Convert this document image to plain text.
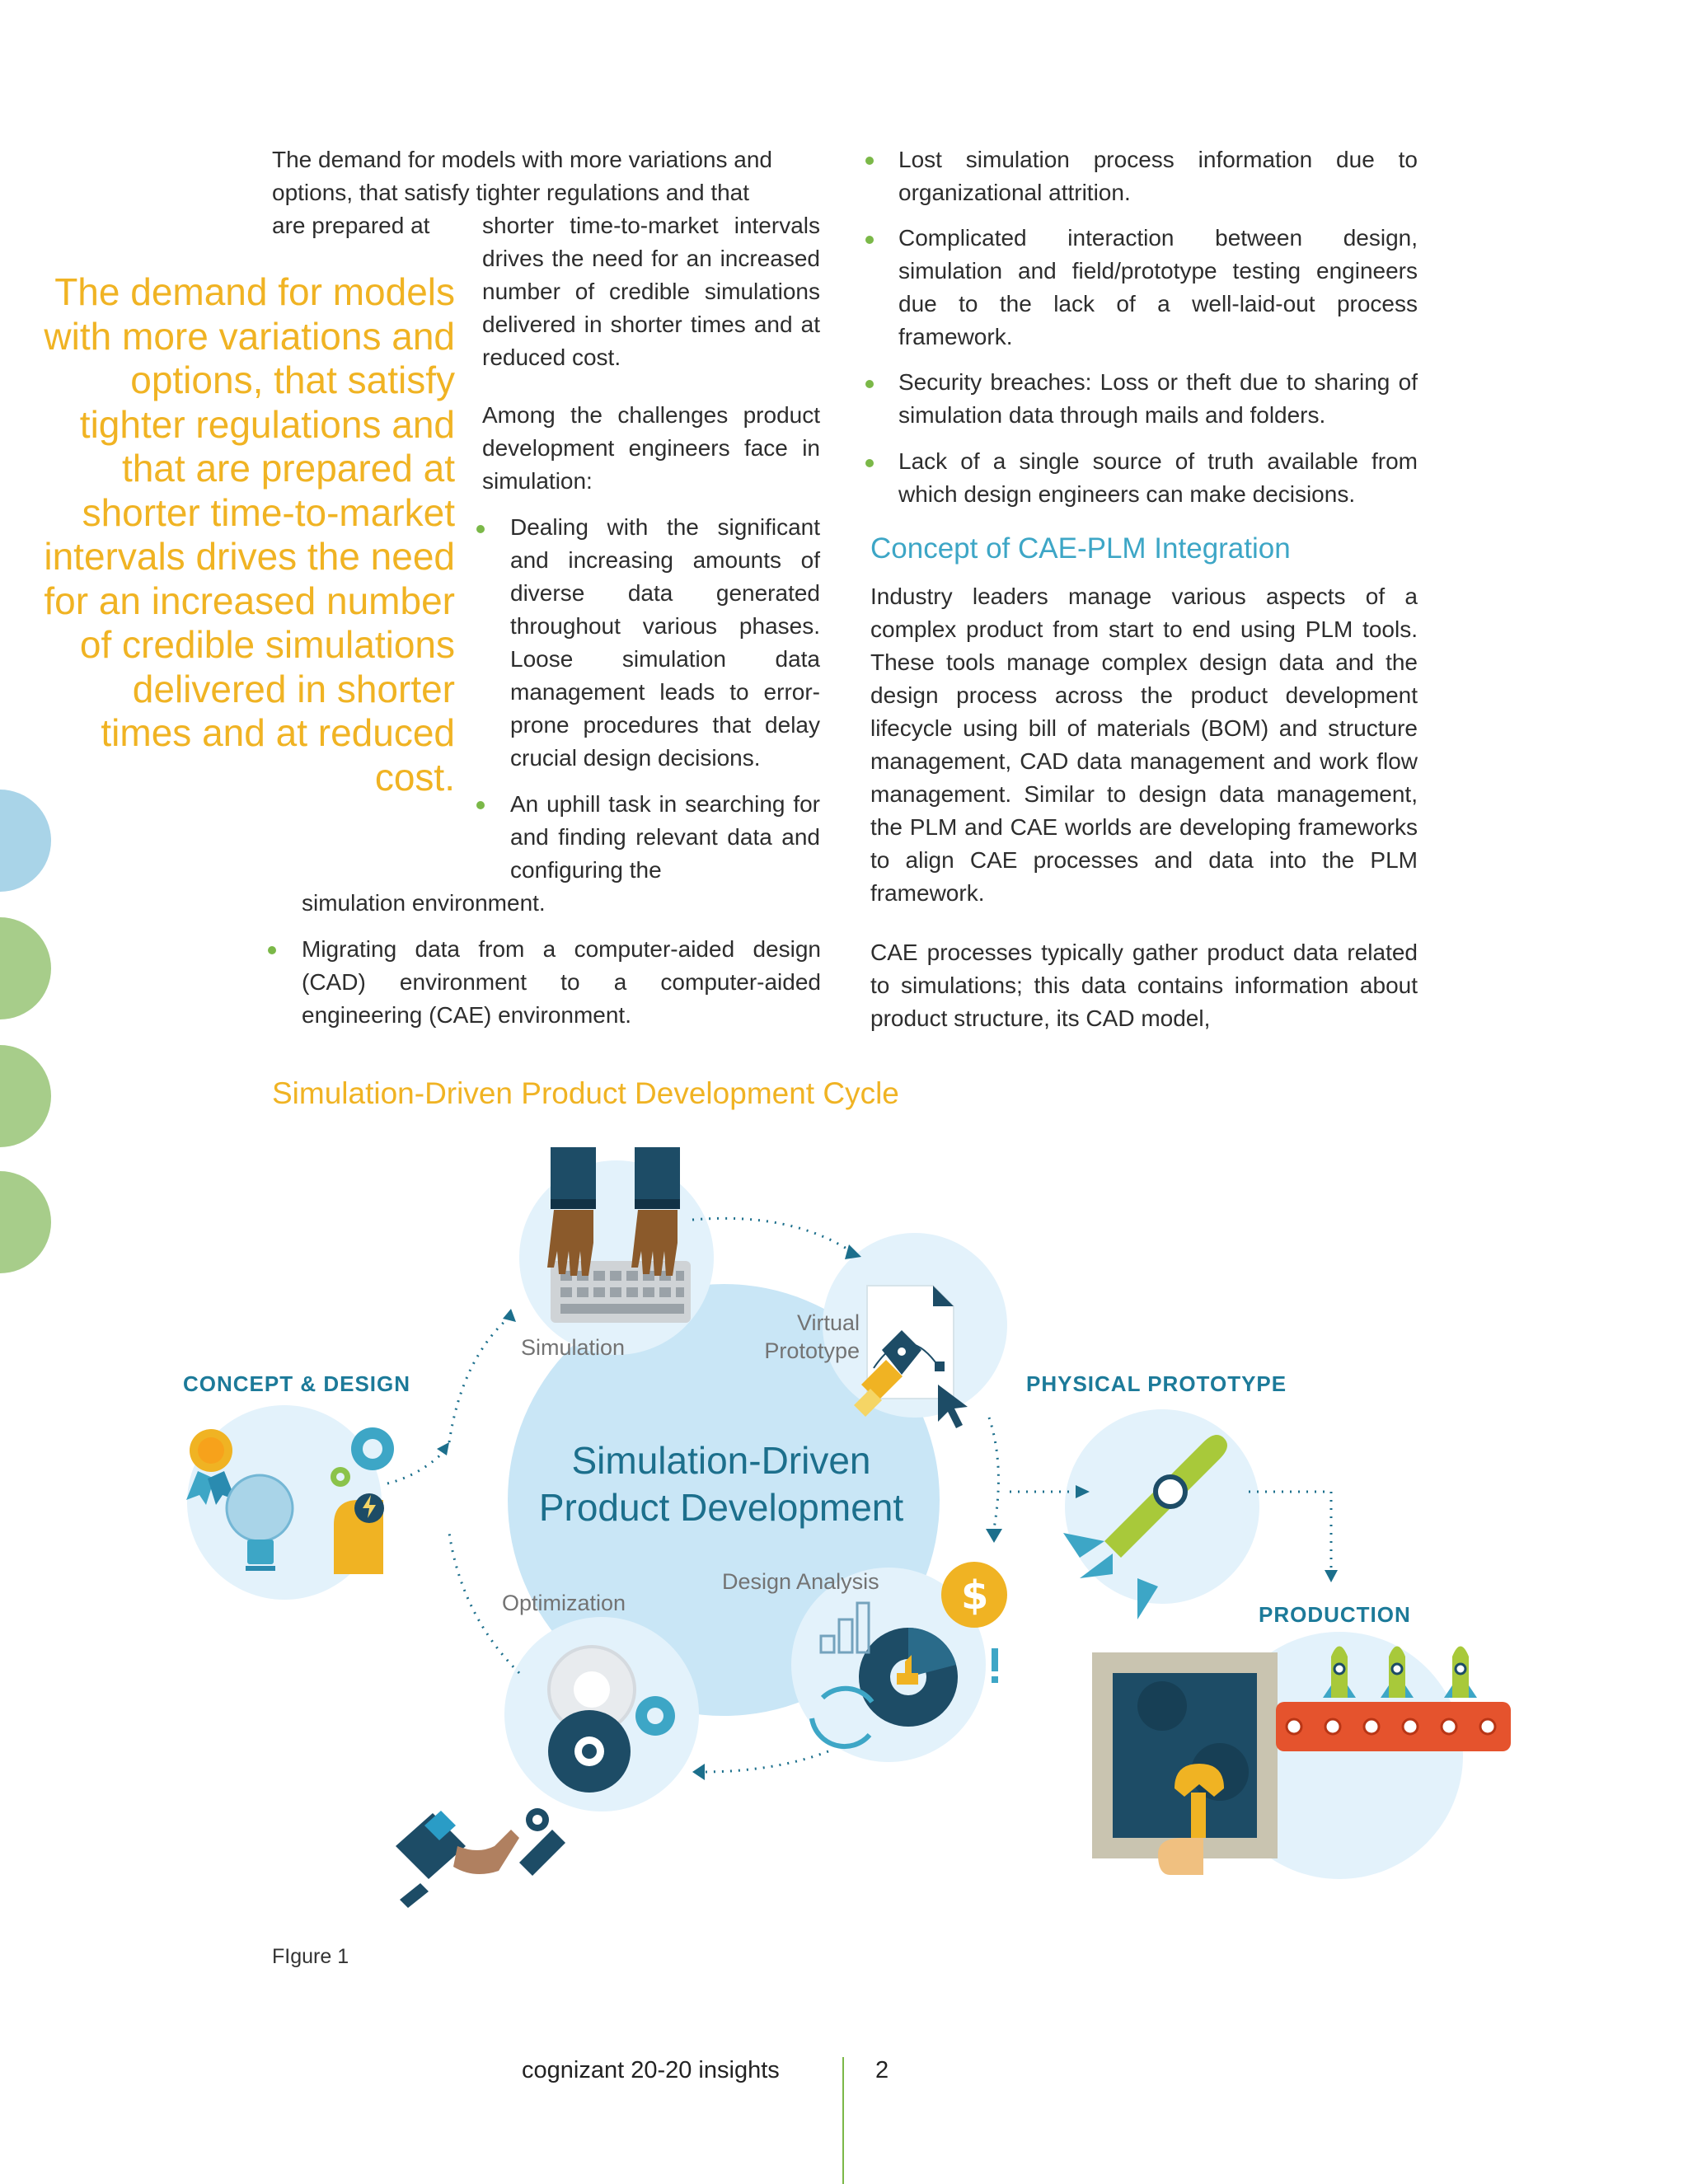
The demand for models with more variations and
options, that satisfy tighter regulations and that
are prepared at
The demand for models with more variations and options, that satisfy tighter regulations and that are prepared at shorter time-to-market intervals drives the need for an increased number of credible simulations delivered in shorter times and at reduced cost.
shorter time-to-market intervals drives the need for an increased number of credible simulations delivered in shorter times and at reduced cost.
Among the challenges product development engineers face in simulation:
Dealing with the significant and increasing amounts of diverse data generated throughout various phases. Loose simulation data management leads to error-prone procedures that delay crucial design decisions.
An uphill task in searching for and finding relevant data and configuring the
simulation environment.
Migrating data from a computer-aided design (CAD) environment to a computer-aided engineering (CAE) environment.
Lost simulation process information due to organizational attrition.
Complicated interaction between design, simulation and field/prototype testing engineers due to the lack of a well-laid-out process framework.
Security breaches: Loss or theft due to sharing of simulation data through mails and folders.
Lack of a single source of truth available from which design engineers can make decisions.
Concept of CAE-PLM Integration
Industry leaders manage various aspects of a complex product from start to end using PLM tools. These tools manage complex design data and the design process across the product development lifecycle using bill of materials (BOM) and structure management, CAD data management and work flow management. Similar to design data management, the PLM and CAE worlds are developing frameworks to align CAE processes and data into the PLM framework.
CAE processes typically gather product data related to simulations; this data contains information about product structure, its CAD model,
Simulation-Driven Product Development Cycle
$
Simulation-Driven
Product Development
Simulation
Virtual
Prototype
Design Analysis
Optimization
CONCEPT & DESIGN	PHYSICAL PROTOTYPE
PRODUCTION
FIgure 1
cognizant 20-20 insights	2
